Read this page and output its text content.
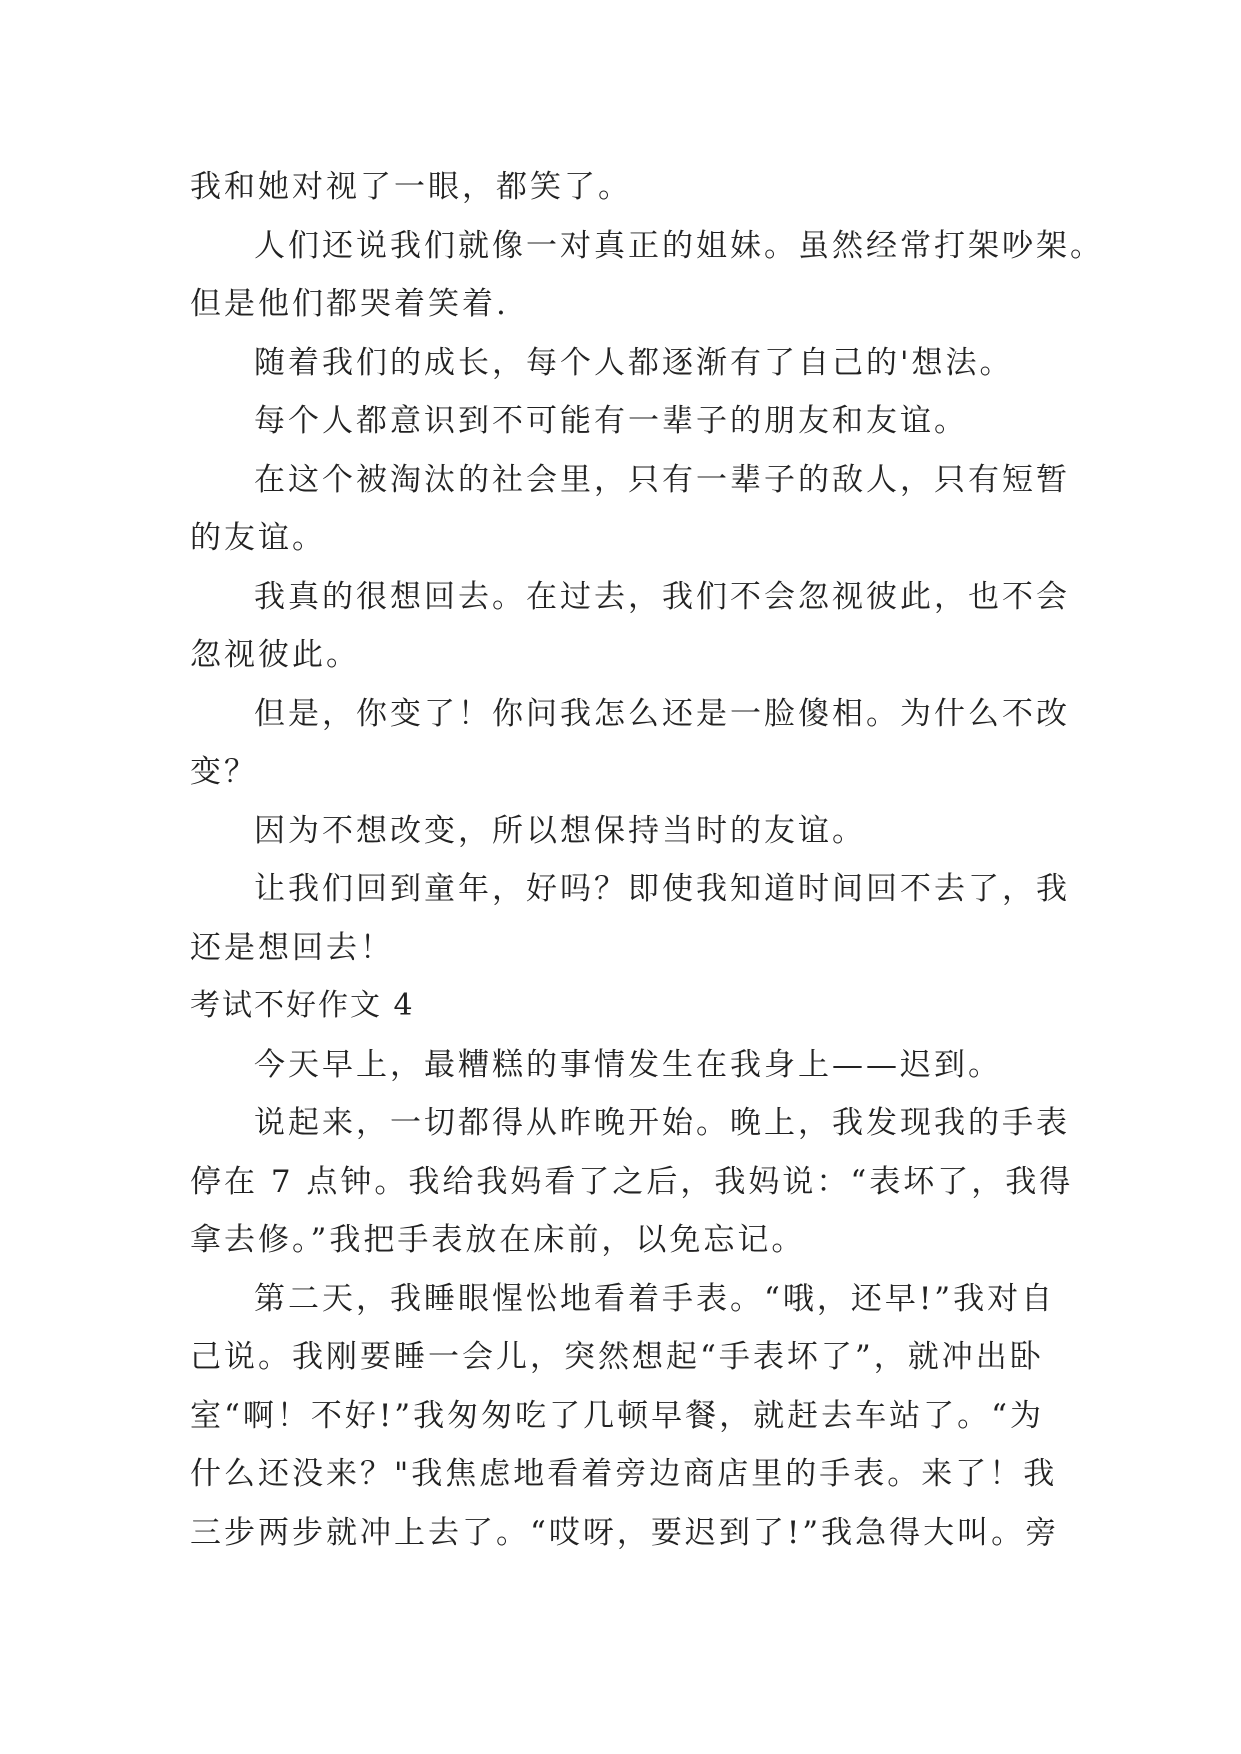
我和她对视了一眼，都笑了。

人们还说我们就像一对真正的姐妹。虽然经常打架吵架。

但是他们都哭着笑着.

随着我们的成长，每个人都逐渐有了自己的'想法。

每个人都意识到不可能有一辈子的朋友和友谊。

在这个被淘汰的社会里，只有一辈子的敌人，只有短暂

的友谊。

我真的很想回去。在过去，我们不会忽视彼此，也不会

忽视彼此。

但是，你变了！你问我怎么还是一脸傻相。为什么不改

变？

因为不想改变，所以想保持当时的友谊。

让我们回到童年，好吗？即使我知道时间回不去了，我

还是想回去！

考试不好作文 4

今天早上，最糟糕的事情发生在我身上——迟到。

说起来，一切都得从昨晚开始。晚上，我发现我的手表

停在 7 点钟。我给我妈看了之后，我妈说：“表坏了，我得

拿去修。”我把手表放在床前，以免忘记。

第二天，我睡眼惺忪地看着手表。“哦，还早!”我对自

己说。我刚要睡一会儿，突然想起“手表坏了”，就冲出卧

室“啊！不好!”我匆匆吃了几顿早餐，就赶去车站了。“为

什么还没来？"我焦虑地看着旁边商店里的手表。来了！我

三步两步就冲上去了。“哎呀，要迟到了!”我急得大叫。旁
